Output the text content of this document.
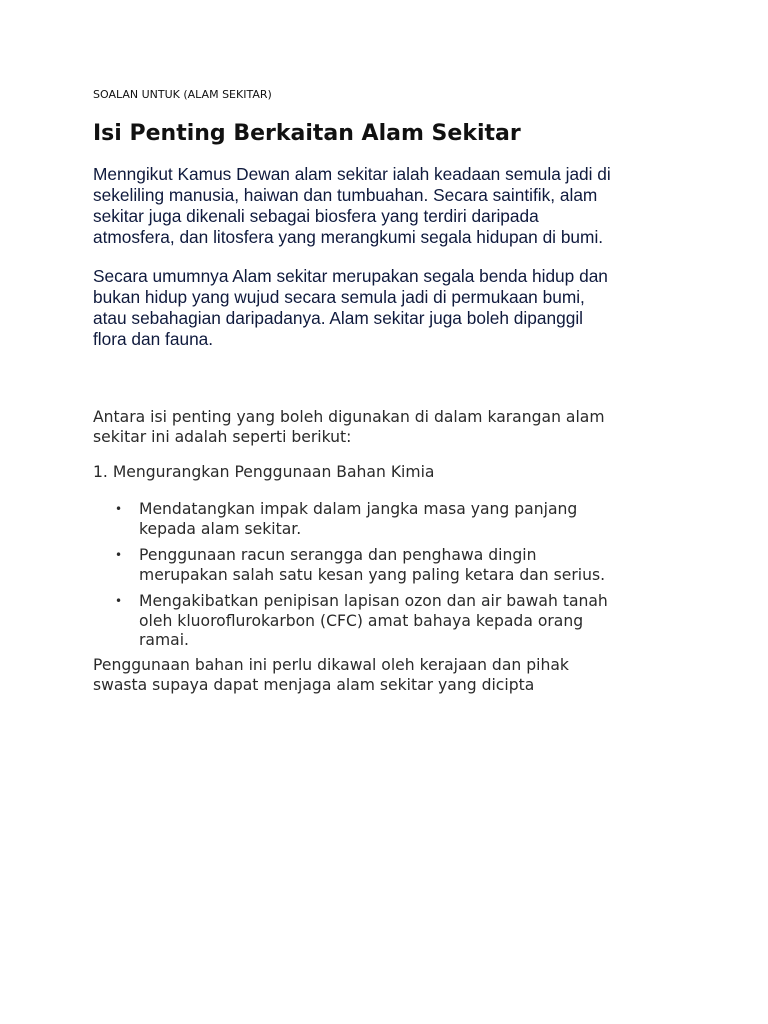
SOALAN UNTUK (ALAM SEKITAR)
Isi Penting Berkaitan Alam Sekitar

Menngikut Kamus Dewan alam sekitar ialah keadaan semula jadi di
sekeliling manusia, haiwan dan tumbuahan. Secara saintifik, alam
sekitar juga dikenali sebagai biosfera yang terdiri daripada
atmosfera, dan litosfera yang merangkumi segala hidupan di bumi.

Secara umumnya Alam sekitar merupakan segala benda hidup dan
bukan hidup yang wujud secara semula jadi di permukaan bumi,
atau sebahagian daripadanya. Alam sekitar juga boleh dipanggil
flora dan fauna.

Antara isi penting yang boleh digunakan di dalam karangan alam
sekitar ini adalah seperti berikut:

1. Mengurangkan Penggunaan Bahan Kimia

• Mendatangkan impak dalam jangka masa yang panjang
kepada alam sekitar.
• Penggunaan racun serangga dan penghawa dingin
merupakan salah satu kesan yang paling ketara dan serius.
• Mengakibatkan penipisan lapisan ozon dan air bawah tanah
oleh kluoroflurokarbon (CFC) amat bahaya kepada orang
ramai.

Penggunaan bahan ini perlu dikawal oleh kerajaan dan pihak
swasta supaya dapat menjaga alam sekitar yang dicipta
